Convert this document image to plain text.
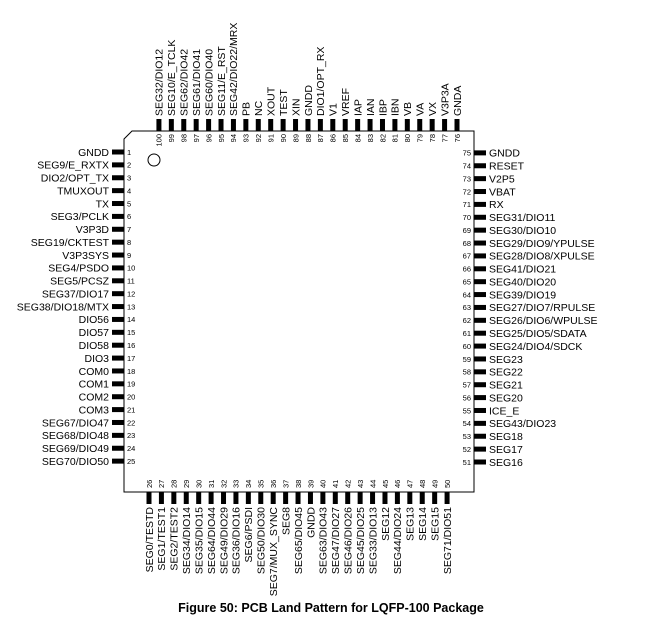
1
2
3
4
5
6
7
8
9
10
11
12
13
14
15
16
17
18
19
20
21
22
23
24
25
26 27 28 29 30 31 32 33 34 35 36 37 38 39 40 41 42 43 44 45 46 47 48 49 50
51
52
53
54
55
56
57
58
59
60
61
62
63
64
65
66
67
68
69
70
71
72
73
74
75
76
77
78
79
80
81
82
83
84
85
86
87
88
89
90
91
92
93
94
95
96
97
98
99
100
GNDD
SEG9/E_RXTX
DIO2/OPT_TX
TMUXOUT
TX
SEG3/PCLK
V3P3D
SEG19/CKTEST
V3P3SYS
SEG4/PSDO
SEG5/PCSZ
SEG37/DIO17
SEG38/DIO18/MTX
DIO56
DIO57
DIO58
DIO3
COM0
COM1
COM2
COM3
SEG67/DIO47
SEG68/DIO48
SEG69/DIO49
SEG70/DIO50
SEG0/TESTD SEG1/TEST1 SEG2/TEST2 SEG34/DIO14 SEG35/DIO15 SEG64/DIO44 SEG49/DIO29 SEG36/DIO16 SEG6/PSDI SEG50/DIO30 SEG7/MUX_SYNC SEG8 SEG65/DIO45 GNDD SEG63/DIO43 SEG47/DIO27 SEG46/DIO26 SEG45/DIO25 SEG33/DIO13 SEG12 SEG44/DIO24 SEG13 SEG14 SEG15 SEG71/DIO51
SEG16
SEG17
SEG18
SEG43/DIO23
ICE_E
SEG20
SEG21
SEG22
SEG23
SEG24/DIO4/SDCK
SEG25/DIO5/SDATA
SEG26/DIO6/WPULSE
SEG27/DIO7/RPULSE
SEG39/DIO19
SEG40/DIO20
SEG41/DIO21
SEG28/DIO8/XPULSE
SEG29/DIO9/YPULSE
SEG30/DIO10
SEG31/DIO11
RX
VBAT
V2P5
RESET
GNDD
GNDA
V3P3A
VX
VA
VB
IBN
IBP
IAN
IAP
VREF
V1
DIO1/OPT_RX
GNDD
XIN
TEST
XOUT
NC
PB
SEG42/DIO22/MRX
SEG11/E_RST
SEG60/DIO40
SEG61/DIO41
SEG62/DIO42
SEG10/E_TCLK
SEG32/DIO12
Figure 50: PCB Land Pattern for LQFP-100 Package
